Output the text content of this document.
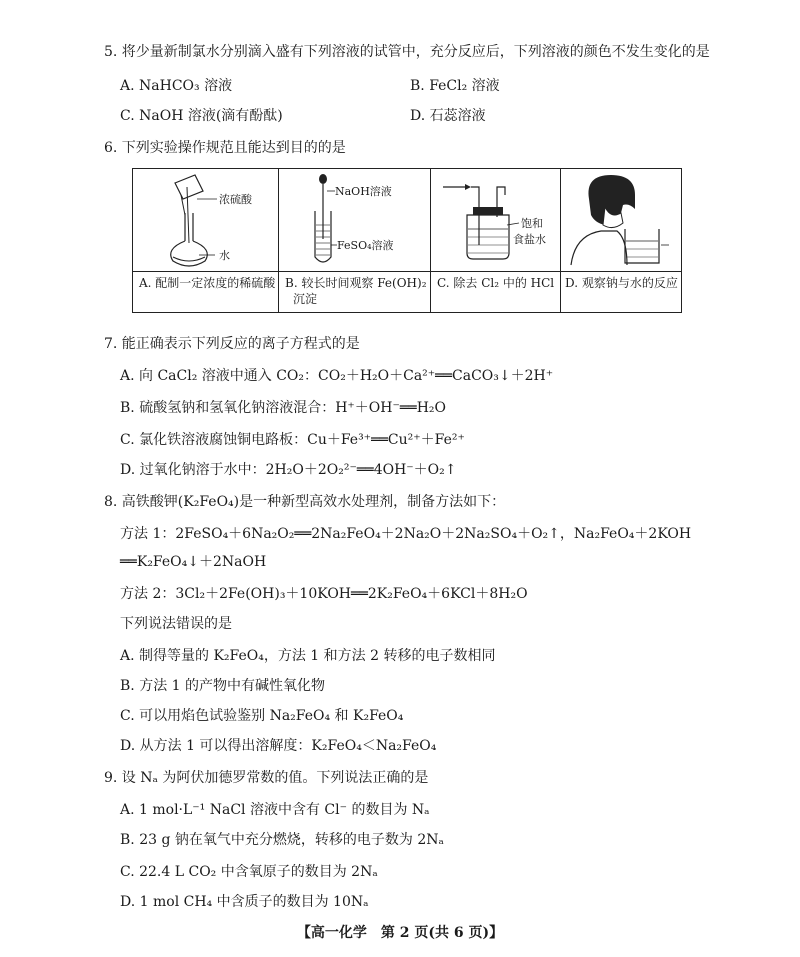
5. 将少量新制氯水分别滴入盛有下列溶液的试管中，充分反应后，下列溶液的颜色不发生变化的是
A. NaHCO₃ 溶液	B. FeCl₂ 溶液
C. NaOH 溶液(滴有酚酞)	D. 石蕊溶液
6. 下列实验操作规范且能达到目的的是
浓硫酸
水
A. 配制一定浓度的稀硫酸
NaOH溶液
FeSO₄溶液
B. 较长时间观察 Fe(OH)₂
沉淀
饱和
食盐水
C. 除去 Cl₂ 中的 HCl D. 观察钠与水的反应
7. 能正确表示下列反应的离子方程式的是
A. 向 CaCl₂ 溶液中通入 CO₂：CO₂＋H₂O＋Ca²⁺══CaCO₃↓＋2H⁺
B. 硫酸氢钠和氢氧化钠溶液混合：H⁺＋OH⁻══H₂O
C. 氯化铁溶液腐蚀铜电路板：Cu＋Fe³⁺══Cu²⁺＋Fe²⁺
D. 过氧化钠溶于水中：2H₂O＋2O₂²⁻══4OH⁻＋O₂↑
8. 高铁酸钾(K₂FeO₄)是一种新型高效水处理剂，制备方法如下：
方法 1：2FeSO₄＋6Na₂O₂══2Na₂FeO₄＋2Na₂O＋2Na₂SO₄＋O₂↑，Na₂FeO₄＋2KOH
══K₂FeO₄↓＋2NaOH
方法 2：3Cl₂＋2Fe(OH)₃＋10KOH══2K₂FeO₄＋6KCl＋8H₂O
下列说法错误的是
A. 制得等量的 K₂FeO₄，方法 1 和方法 2 转移的电子数相同
B. 方法 1 的产物中有碱性氧化物
C. 可以用焰色试验鉴别 Na₂FeO₄ 和 K₂FeO₄
D. 从方法 1 可以得出溶解度：K₂FeO₄＜Na₂FeO₄
9. 设 Nₐ 为阿伏加德罗常数的值。下列说法正确的是
A. 1 mol·L⁻¹ NaCl 溶液中含有 Cl⁻ 的数目为 Nₐ
B. 23 g 钠在氧气中充分燃烧，转移的电子数为 2Nₐ
C. 22.4 L CO₂ 中含氧原子的数目为 2Nₐ
D. 1 mol CH₄ 中含质子的数目为 10Nₐ
【高一化学　第 2 页(共 6 页)】
